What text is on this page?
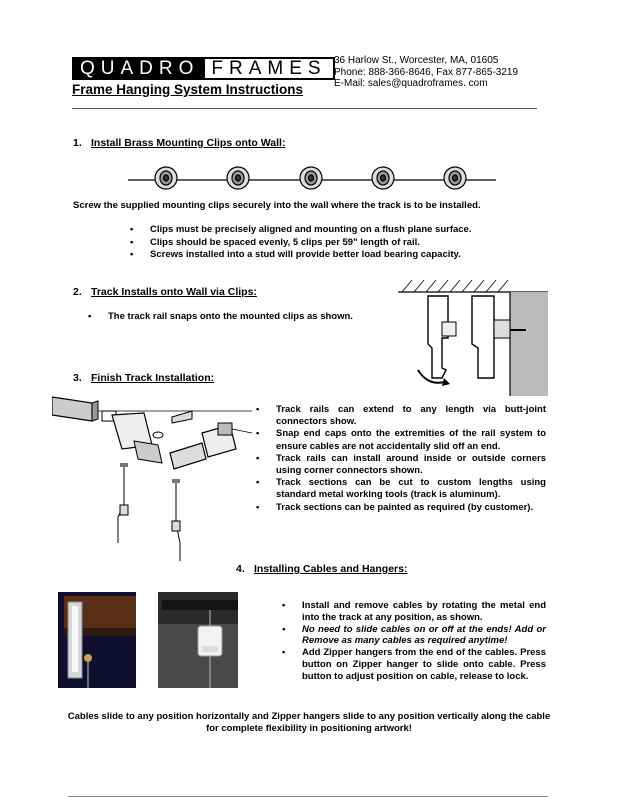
QUADRO FRAMES
Frame Hanging System Instructions
36 Harlow St., Worcester, MA, 01605
Phone: 888-366-8646, Fax 877-865-3219
E-Mail: sales@quadroframes. com
1. Install Brass Mounting Clips onto Wall:
Screw the supplied mounting clips securely into the wall where the track is to be installed.
• Clips must be precisely aligned and mounting on a flush plane surface.
• Clips should be spaced evenly, 5 clips per 59" length of rail.
• Screws installed into a stud will provide better load bearing capacity.
2. Track Installs onto Wall via Clips:
• The track rail snaps onto the mounted clips as shown.
3. Finish Track Installation:
• Track rails can extend to any length via butt-joint connectors show.
• Snap end caps onto the extremities of the rail system to ensure cables are not accidentally slid off an end.
• Track rails can install around inside or outside corners using corner connectors shown.
• Track sections can be cut to custom lengths using standard metal working tools (track is aluminum).
• Track sections can be painted as required (by customer).
4. Installing Cables and Hangers:
• Install and remove cables by rotating the metal end into the track at any position, as shown.
• No need to slide cables on or off at the ends! Add or Remove as many cables as required anytime!
• Add Zipper hangers from the end of the cables. Press button on Zipper hanger to slide onto cable. Press button to adjust position on cable, release to lock.
Cables slide to any position horizontally and Zipper hangers slide to any position vertically along the cable for complete flexibility in positioning artwork!
